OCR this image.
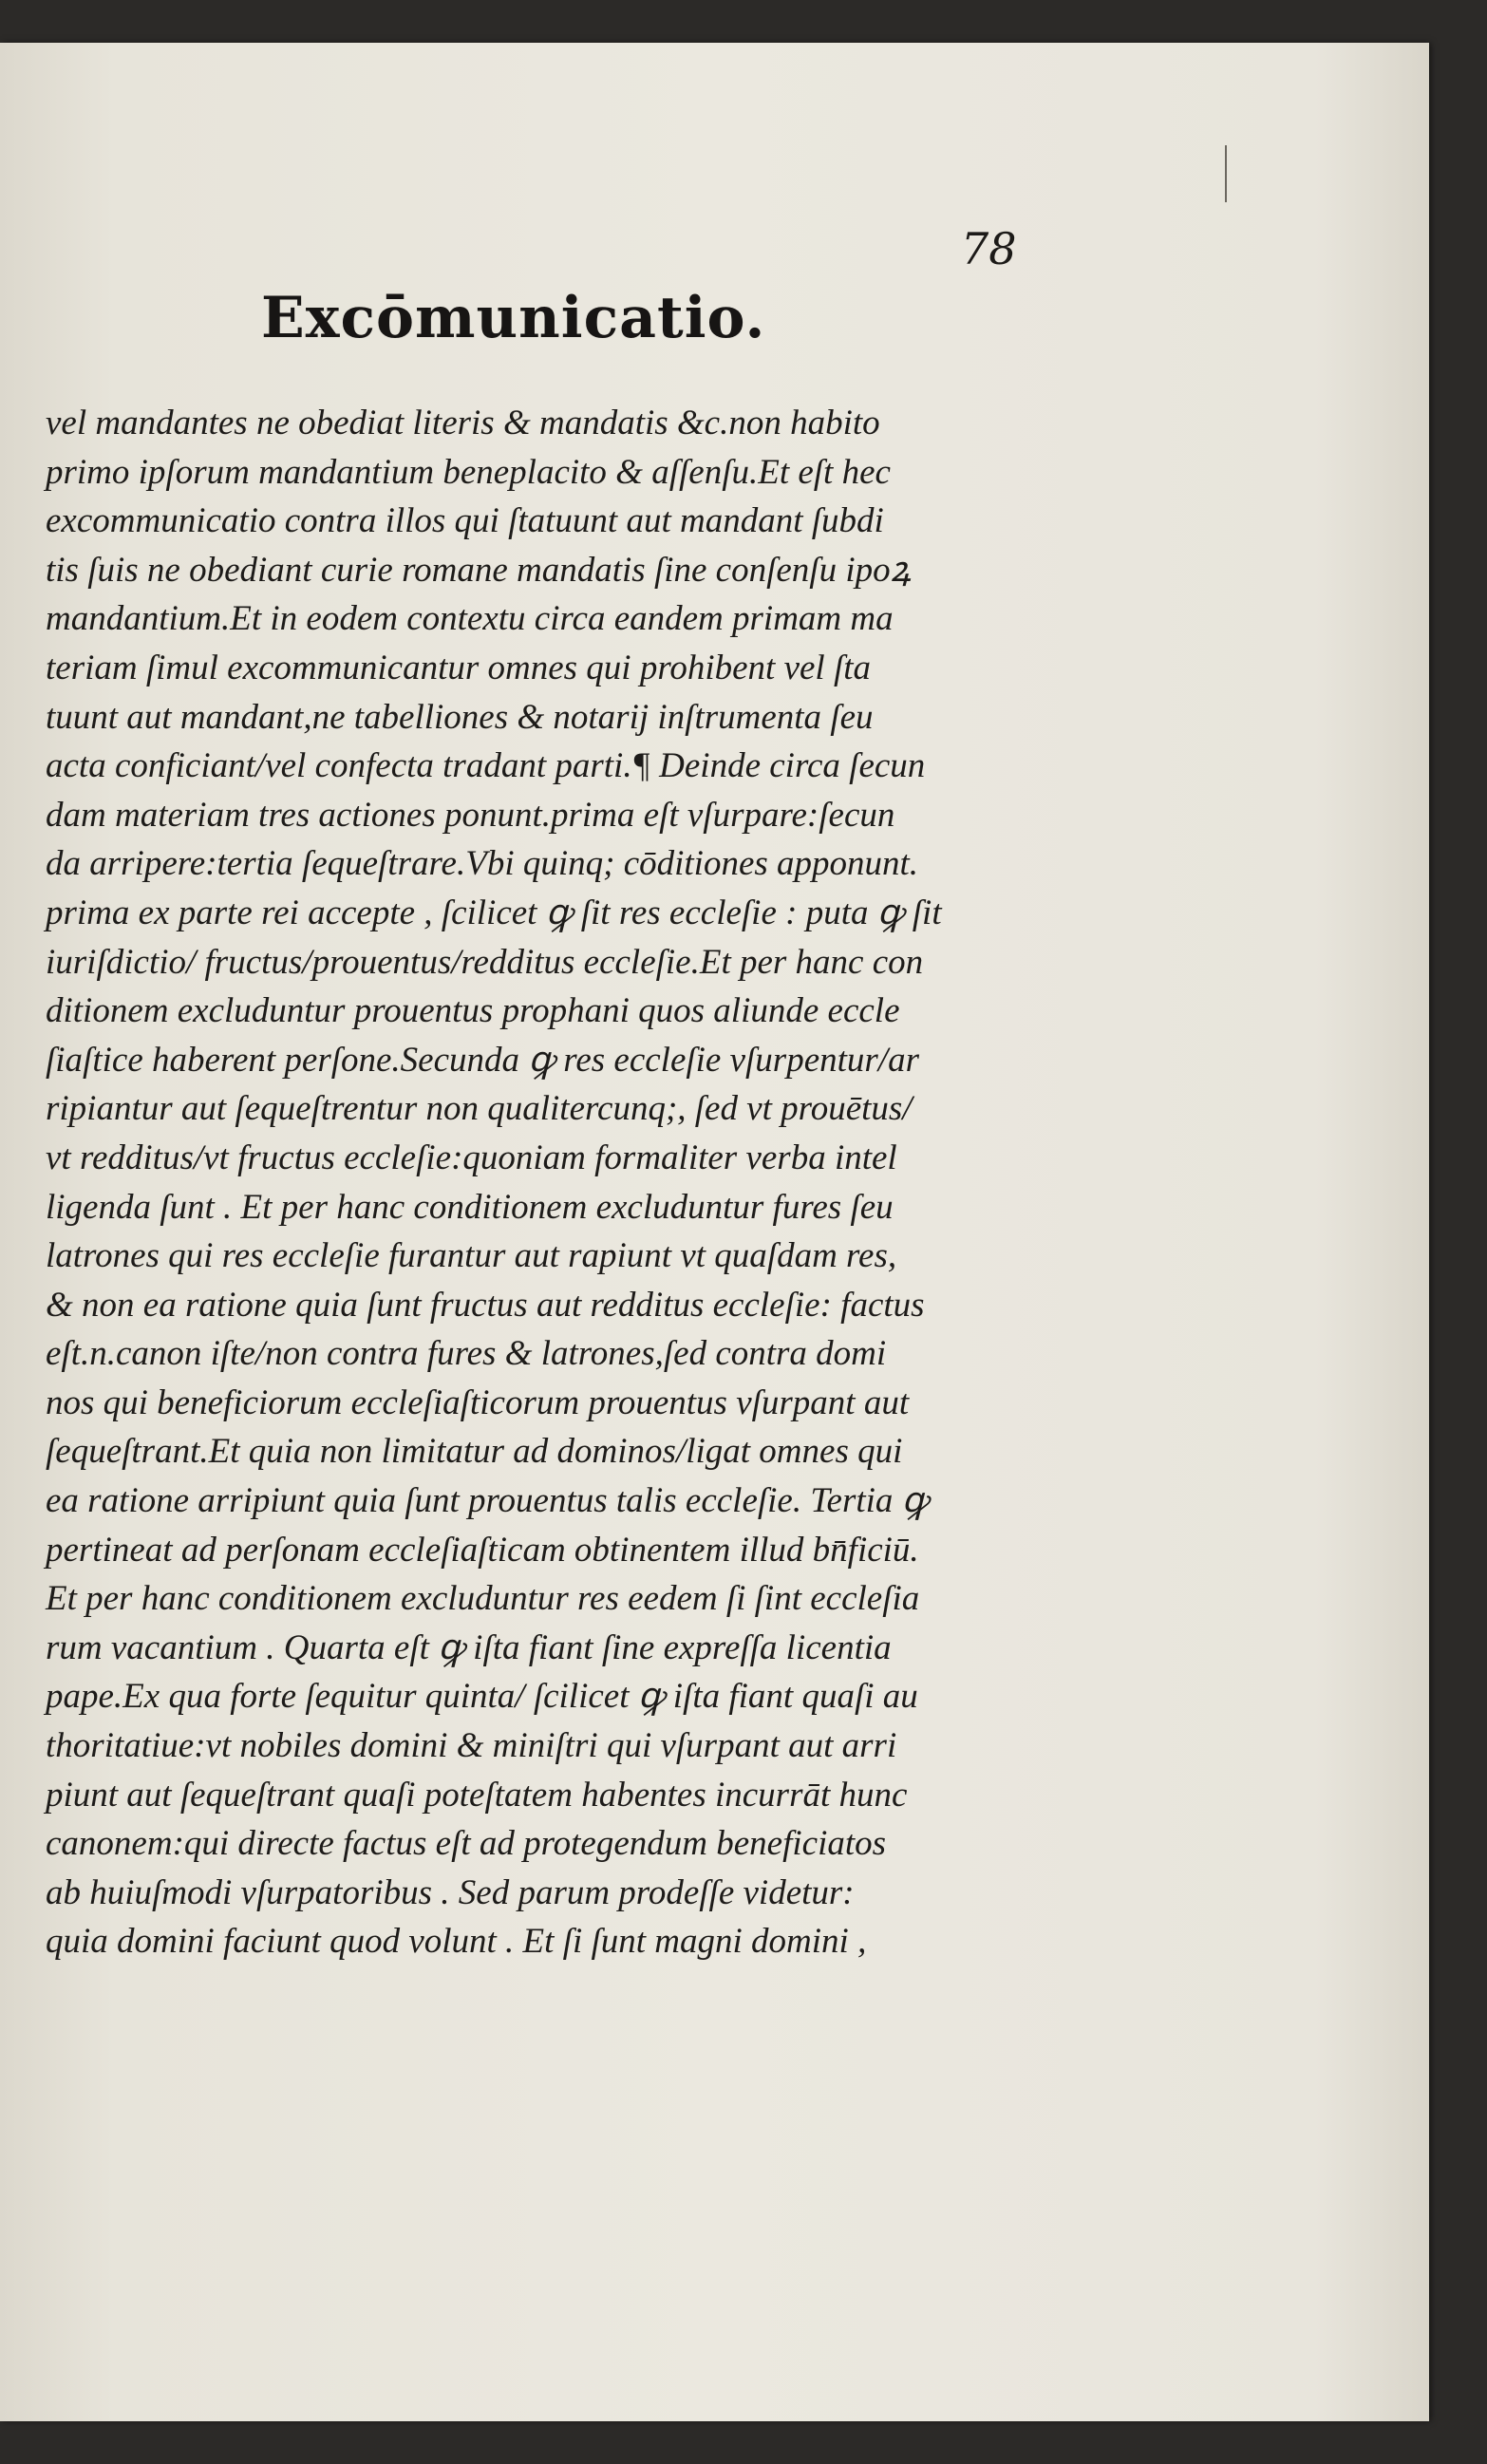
78
Excōmunicatio.
vel mandantes ne obediat literis & mandatis &c.non habito
primo ipſorum mandantium beneplacito & aſſenſu.Et eſt hec
excommunicatio contra illos qui ſtatuunt aut mandant ſubdi
tis ſuis ne obediant curie romane mandatis ſine conſenſu ipoꝝ
mandantium.Et in eodem contextu circa eandem primam ma
teriam ſimul excommunicantur omnes qui prohibent vel ſta
tuunt aut mandant,ne tabelliones & notarij inſtrumenta ſeu
acta conficiant/vel confecta tradant parti.¶ Deinde circa ſecun
dam materiam tres actiones ponunt.prima eſt vſurpare:ſecun
da arripere:tertia ſequeſtrare.Vbi quinq; cōditiones apponunt.
prima ex parte rei accepte , ſcilicet ꝙ ſit res eccleſie : puta ꝙ ſit
iuriſdictio/ fructus/prouentus/redditus eccleſie.Et per hanc con
ditionem excluduntur prouentus prophani quos aliunde eccle
ſiaſtice haberent perſone.Secunda ꝙ res eccleſie vſurpentur/ar
ripiantur aut ſequeſtrentur non qualitercunq;, ſed vt prouētus/
vt redditus/vt fructus eccleſie:quoniam formaliter verba intel
ligenda ſunt . Et per hanc conditionem excluduntur fures ſeu
latrones qui res eccleſie furantur aut rapiunt vt quaſdam res,
& non ea ratione quia ſunt fructus aut redditus eccleſie: factus
eſt.n.canon iſte/non contra fures & latrones,ſed contra domi
nos qui beneficiorum eccleſiaſticorum prouentus vſurpant aut
ſequeſtrant.Et quia non limitatur ad dominos/ligat omnes qui
ea ratione arripiunt quia ſunt prouentus talis eccleſie. Tertia ꝙ
pertineat ad perſonam eccleſiaſticam obtinentem illud bn̄ficiū.
Et per hanc conditionem excluduntur res eedem ſi ſint eccleſia
rum vacantium . Quarta eſt ꝙ iſta fiant ſine expreſſa licentia
pape.Ex qua forte ſequitur quinta/ ſcilicet ꝙ iſta fiant quaſi au
thoritatiue:vt nobiles domini & miniſtri qui vſurpant aut arri
piunt aut ſequeſtrant quaſi poteſtatem habentes incurrāt hunc
canonem:qui directe factus eſt ad protegendum beneficiatos
ab huiuſmodi vſurpatoribus . Sed parum prodeſſe videtur:
quia domini faciunt quod volunt . Et ſi ſunt magni domini ,
